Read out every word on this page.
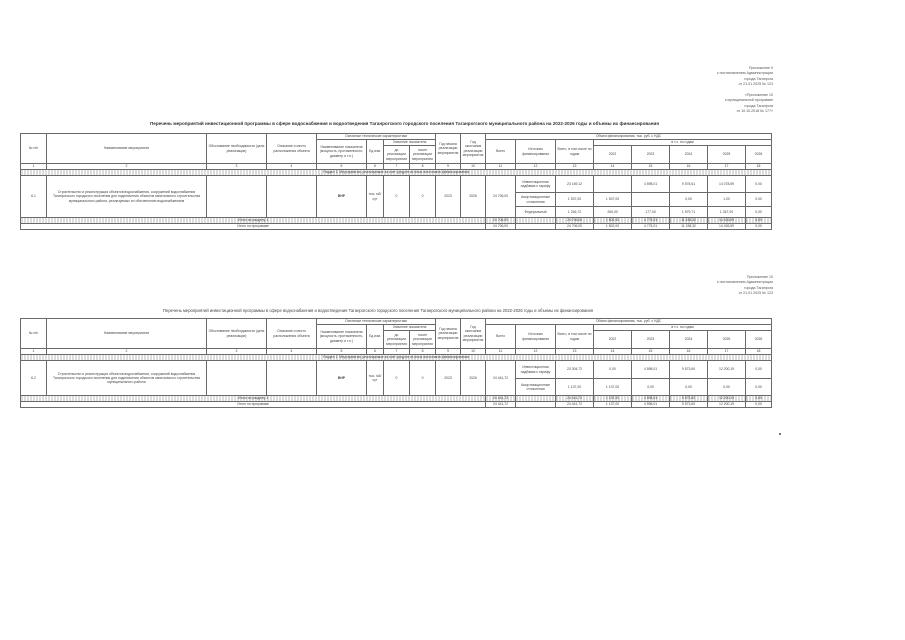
Приложение 9
к постановлению Администрации
города Таганрога
от 21.01.2025 № 123
«Приложение 10
к муниципальной программе
города Таганрога
от 10.10.2018 № 177»
Перечень мероприятий инвестиционной программы в сфере водоснабжения и водоотведения Таганрогского городского поселения Таганрогского муниципального района на 2022-2026 годы и объемы их финансирования
№ п/п	Наименование мероприятия	Обоснование необходимости (цель реализации)	Описание и место расположения объекта	Основные технические характеристики				Год начала реализации мероприятия	Год окончания реализации мероприятия	Объем финансирования, тыс. руб. с НДС							
				Наименование показателя (мощность, протяженность, диаметр и т.п.)	Ед.изм.	Значение показателя				Всего	Источник финансирования	Всего, в том числе по годам	в т.ч. по годам				
						до реализации мероприятия	после реализации мероприятия						2022	2023	2024	2025	2026

1	2	3	4	5	6	7	8	9	10	11	12	13	14	15	16	17	18
Раздел 1. Мероприятия, реализуемые за счет средств из иных источников финансирования																	
6.1	Строительство и реконструкция объектов водоснабжения, сооружений водоснабжения Таганрогского городского поселения для подключения объектов капитального строительства муниципального района, реализуемых по обеспечению водоснабжением			ВНР	тыс. м3/сут	0	0	2023	2026	24 706,00	Инвестиционная надбавка к тарифу	23 169,12		4 598,01	9 578,61	14 078,59	0,00
											Амортизационные отчисления	1 537,00	1 537,00		0,00	1,00	0,00
											Федеральный	1 246,72	265,00	177,00	1 579,71	1 347,00	0,00
Итого по разделу 1										24 706,00		24 706,00	1 802,00	4 775,01	11 158,32	14 426,59	0,00
Итого по программе										24 706,00		24 706,00	1 802,00	4 775,01	11 158,32	14 426,59	0,00
Приложение 10
к постановлению Администрации
города Таганрога
от 21.01.2025 № 123
Перечень мероприятий инвестиционной программы в сфере водоснабжения и водоотведения Таганрогского городского поселения Таганрогского муниципального района на 2022-2026 годы и объемы их финансирования
№ п/п	Наименование мероприятия	Обоснование необходимости (цель реализации)	Описание и место расположения объекта	Основные технические характеристики				Год начала реализации мероприятия	Год окончания реализации мероприятия	Объем финансирования, тыс. руб. с НДС							
				Наименование показателя (мощность, протяженность, диаметр и т.п.)	Ед.изм.	Значение показателя				Всего	Источник финансирования	Всего, в том числе по годам	в т.ч. по годам				
						до реализации мероприятия	после реализации мероприятия						2022	2023	2024	2025	2026

1	2	3	4	5	6	7	8	9	10	11	12	13	14	15	16	17	18
Раздел 1. Мероприятия, реализуемые за счет средств из иных источников финансирования																	
6.2	Строительство и реконструкция объектов водоснабжения, сооружений водоснабжения Таганрогского городского поселения для подключения объектов капитального строительства муниципального района			ВНР	тыс. м3/сут	0	0	2023	2026	24 441,72	Инвестиционная надбавка к тарифу	23 304,72	0,00	4 598,01	9 573,60	12 200,19	0,00
											Амортизационные отчисления	1 137,00	1 137,00	0,00	0,00	0,00	0,00
Итого по разделу 1										24 441,72		24 441,72	1 137,00	4 598,01	9 573,60	12 200,19	0,00
Итого по программе										24 441,72		24 441,72	1 137,00	4 598,01	9 573,60	12 200,19	0,00
